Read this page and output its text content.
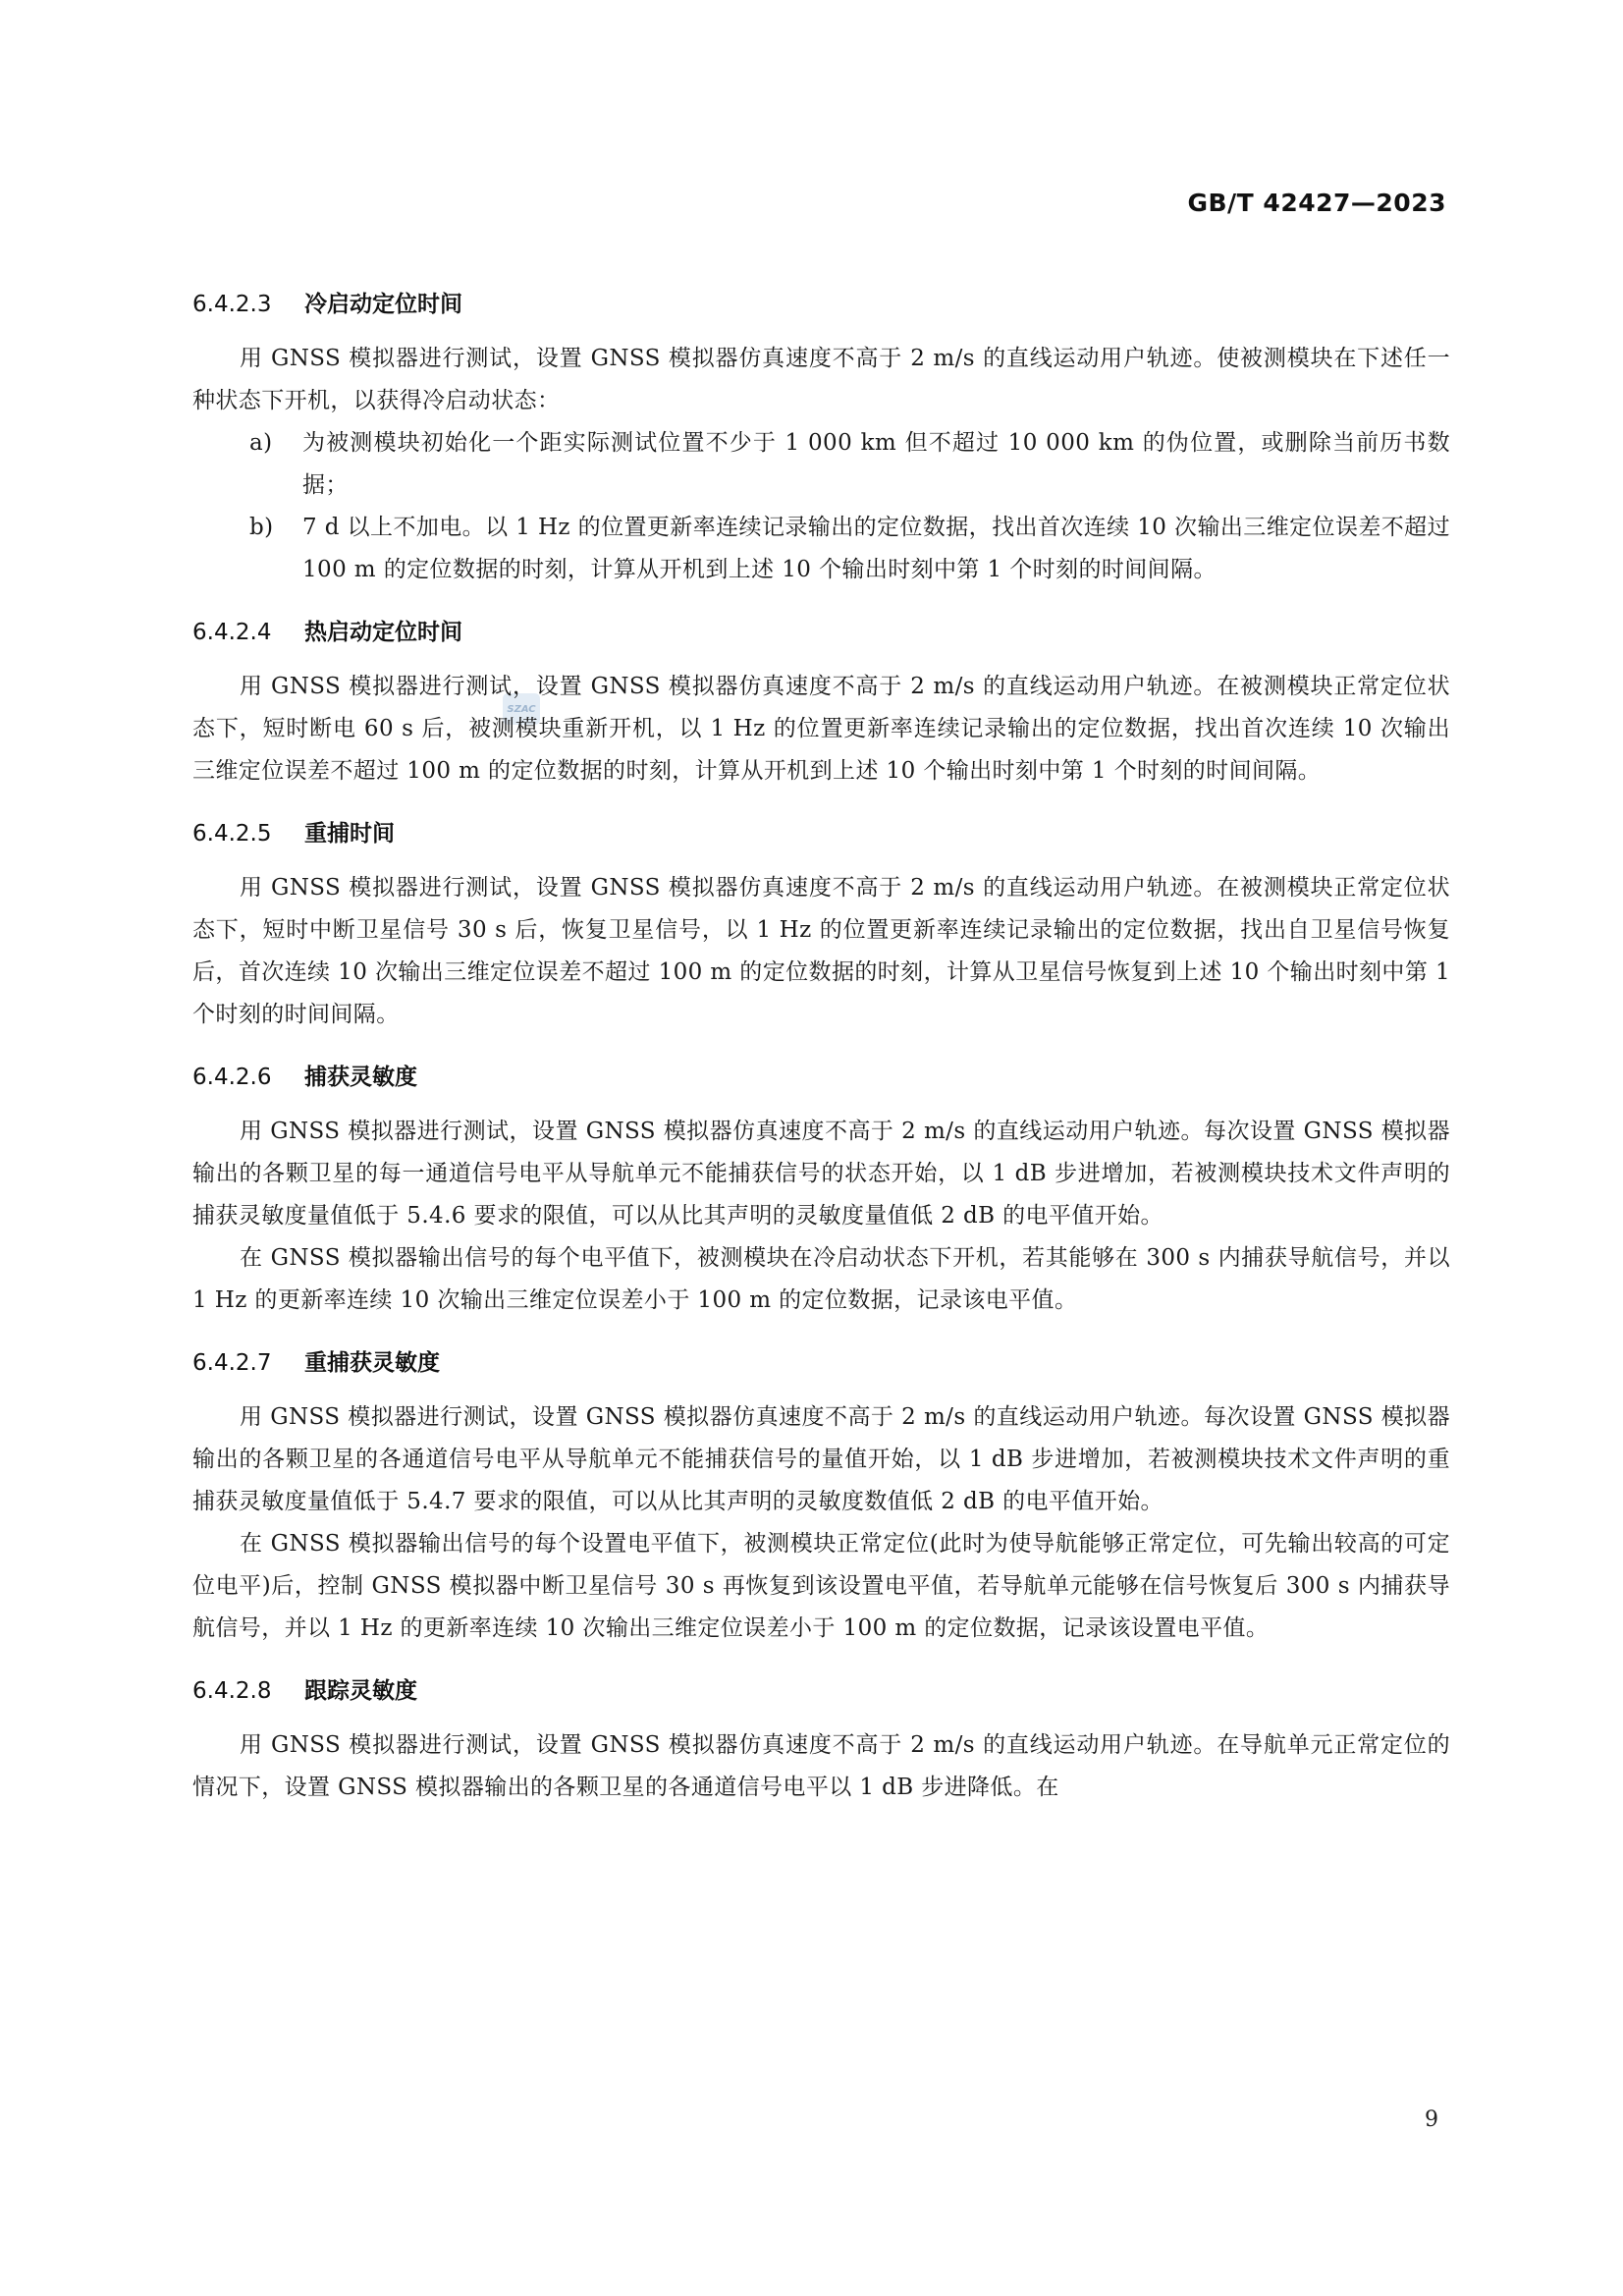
GB/T 42427—2023
SZAC
6.4.2.3 冷启动定位时间

用 GNSS 模拟器进行测试，设置 GNSS 模拟器仿真速度不高于 2 m/s 的直线运动用户轨迹。使被测模块在下述任一种状态下开机，以获得冷启动状态：

a)	为被测模块初始化一个距实际测试位置不少于 1 000 km 但不超过 10 000 km 的伪位置，或删除当前历书数据；
b)	7 d 以上不加电。以 1 Hz 的位置更新率连续记录输出的定位数据，找出首次连续 10 次输出三维定位误差不超过 100 m 的定位数据的时刻，计算从开机到上述 10 个输出时刻中第 1 个时刻的时间间隔。
6.4.2.4 热启动定位时间

用 GNSS 模拟器进行测试，设置 GNSS 模拟器仿真速度不高于 2 m/s 的直线运动用户轨迹。在被测模块正常定位状态下，短时断电 60 s 后，被测模块重新开机，以 1 Hz 的位置更新率连续记录输出的定位数据，找出首次连续 10 次输出三维定位误差不超过 100 m 的定位数据的时刻，计算从开机到上述 10 个输出时刻中第 1 个时刻的时间间隔。

6.4.2.5 重捕时间

用 GNSS 模拟器进行测试，设置 GNSS 模拟器仿真速度不高于 2 m/s 的直线运动用户轨迹。在被测模块正常定位状态下，短时中断卫星信号 30 s 后，恢复卫星信号，以 1 Hz 的位置更新率连续记录输出的定位数据，找出自卫星信号恢复后，首次连续 10 次输出三维定位误差不超过 100 m 的定位数据的时刻，计算从卫星信号恢复到上述 10 个输出时刻中第 1 个时刻的时间间隔。

6.4.2.6 捕获灵敏度

用 GNSS 模拟器进行测试，设置 GNSS 模拟器仿真速度不高于 2 m/s 的直线运动用户轨迹。每次设置 GNSS 模拟器输出的各颗卫星的每一通道信号电平从导航单元不能捕获信号的状态开始，以 1 dB 步进增加，若被测模块技术文件声明的捕获灵敏度量值低于 5.4.6 要求的限值，可以从比其声明的灵敏度量值低 2 dB 的电平值开始。

在 GNSS 模拟器输出信号的每个电平值下，被测模块在冷启动状态下开机，若其能够在 300 s 内捕获导航信号，并以 1 Hz 的更新率连续 10 次输出三维定位误差小于 100 m 的定位数据，记录该电平值。

6.4.2.7 重捕获灵敏度

用 GNSS 模拟器进行测试，设置 GNSS 模拟器仿真速度不高于 2 m/s 的直线运动用户轨迹。每次设置 GNSS 模拟器输出的各颗卫星的各通道信号电平从导航单元不能捕获信号的量值开始，以 1 dB 步进增加，若被测模块技术文件声明的重捕获灵敏度量值低于 5.4.7 要求的限值，可以从比其声明的灵敏度数值低 2 dB 的电平值开始。

在 GNSS 模拟器输出信号的每个设置电平值下，被测模块正常定位(此时为使导航能够正常定位，可先输出较高的可定位电平)后，控制 GNSS 模拟器中断卫星信号 30 s 再恢复到该设置电平值，若导航单元能够在信号恢复后 300 s 内捕获导航信号，并以 1 Hz 的更新率连续 10 次输出三维定位误差小于 100 m 的定位数据，记录该设置电平值。

6.4.2.8 跟踪灵敏度

用 GNSS 模拟器进行测试，设置 GNSS 模拟器仿真速度不高于 2 m/s 的直线运动用户轨迹。在导航单元正常定位的情况下，设置 GNSS 模拟器输出的各颗卫星的各通道信号电平以 1 dB 步进降低。在

9
